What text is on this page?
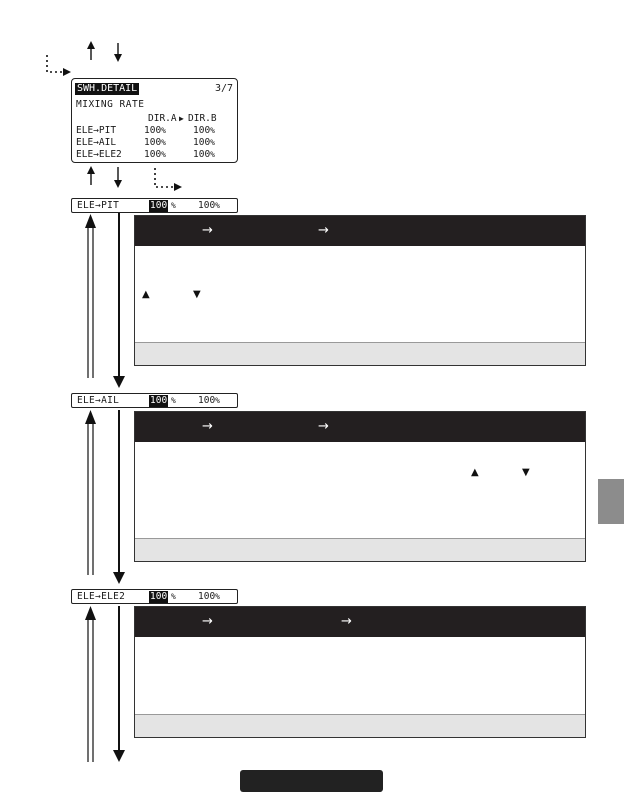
SWH.DETAIL	3/7
MIXING RATE
DIR.A ▶ DIR.B
ELE→PIT	100%	100%
ELE→AIL	100%	100%
ELE→ELE2 100%	100%
ELE→PIT	100 % 100%
ELE→AIL	100 % 100%
ELE→ELE2	100 % 100%
→	→
▲	▼
→	→
▲	▼
→	→
